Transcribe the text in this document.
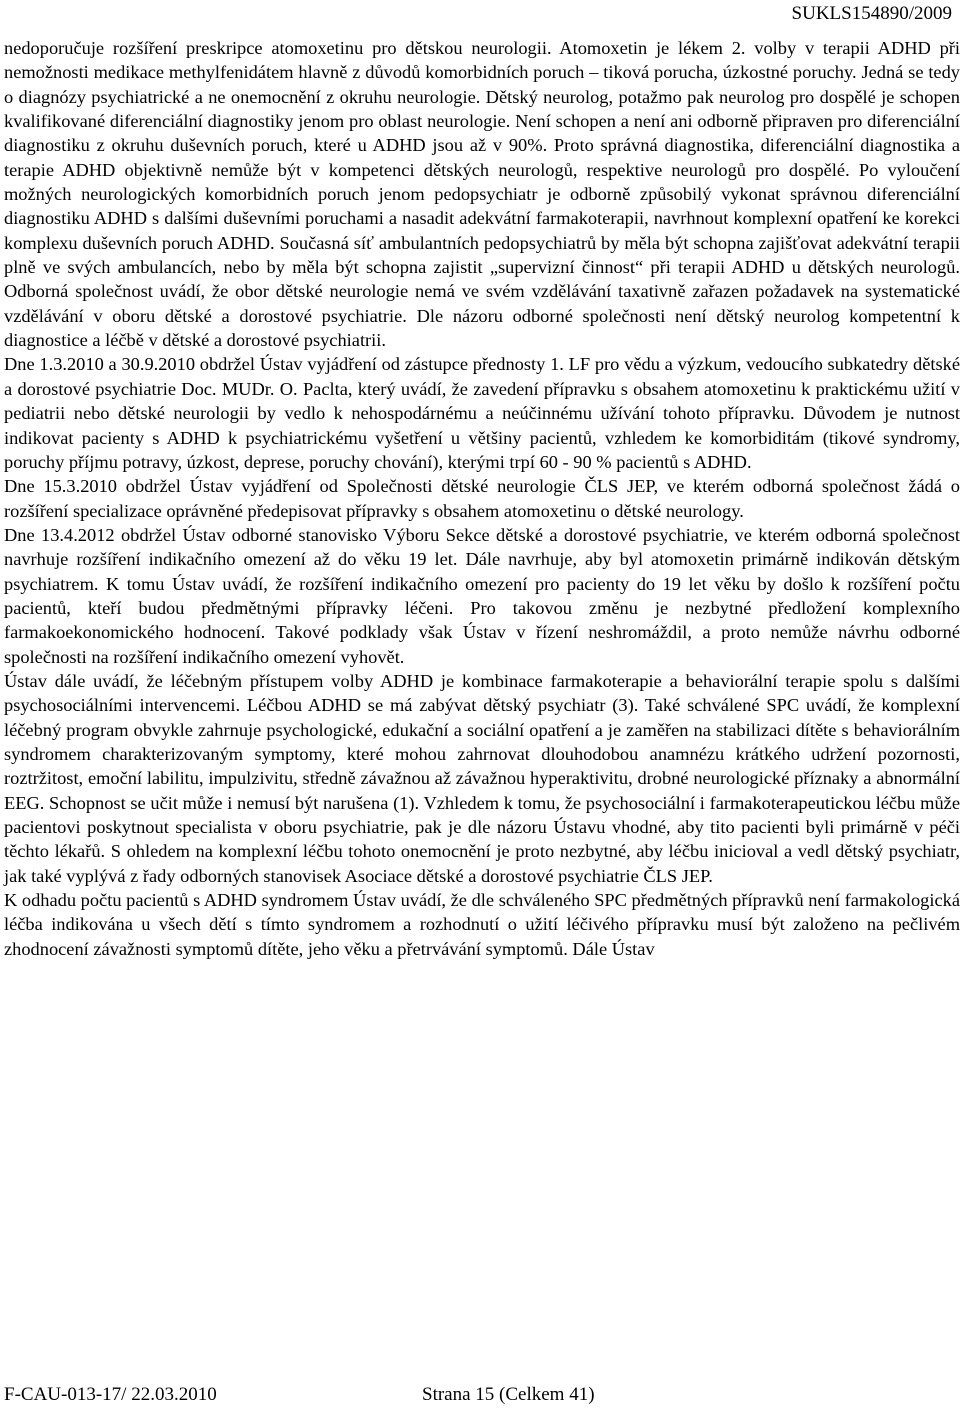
SUKLS154890/2009

nedoporučuje rozšíření preskripce atomoxetinu pro dětskou neurologii. Atomoxetin je lékem 2. volby v terapii ADHD při nemožnosti medikace methylfenidátem hlavně z důvodů komorbidních poruch – tiková porucha, úzkostné poruchy. Jedná se tedy o diagnózy psychiatrické a ne onemocnění z okruhu neurologie. Dětský neurolog, potažmo pak neurolog pro dospělé je schopen kvalifikované diferenciální diagnostiky jenom pro oblast neurologie. Není schopen a není ani odborně připraven pro diferenciální diagnostiku z okruhu duševních poruch, které u ADHD jsou až v 90%. Proto správná diagnostika, diferenciální diagnostika a terapie ADHD objektivně nemůže být v kompetenci dětských neurologů, respektive neurologů pro dospělé. Po vyloučení možných neurologických komorbidních poruch jenom pedopsychiatr je odborně způsobilý vykonat správnou diferenciální diagnostiku ADHD s dalšími duševními poruchami a nasadit adekvátní farmakoterapii, navrhnout komplexní opatření ke korekci komplexu duševních poruch ADHD. Současná síť ambulantních pedopsychiatrů by měla být schopna zajišťovat adekvátní terapii plně ve svých ambulancích, nebo by měla být schopna zajistit „supervizní činnost“ při terapii ADHD u dětských neurologů. Odborná společnost uvádí, že obor dětské neurologie nemá ve svém vzdělávání taxativně zařazen požadavek na systematické vzdělávání v oboru dětské a dorostové psychiatrie. Dle názoru odborné společnosti není dětský neurolog kompetentní k diagnostice a léčbě v dětské a dorostové psychiatrii.

Dne 1.3.2010 a 30.9.2010 obdržel Ústav vyjádření od zástupce přednosty 1. LF pro vědu a výzkum, vedoucího subkatedry dětské a dorostové psychiatrie Doc. MUDr. O. Paclta, který uvádí, že zavedení přípravku s obsahem atomoxetinu k praktickému užití v pediatrii nebo dětské neurologii by vedlo k nehospodárnému a neúčinnému užívání tohoto přípravku. Důvodem je nutnost indikovat pacienty s ADHD k psychiatrickému vyšetření u většiny pacientů, vzhledem ke komorbiditám (tikové syndromy, poruchy příjmu potravy, úzkost, deprese, poruchy chování), kterými trpí 60 - 90 % pacientů s ADHD.

Dne 15.3.2010 obdržel Ústav vyjádření od Společnosti dětské neurologie ČLS JEP, ve kterém odborná společnost žádá o rozšíření specializace oprávněné předepisovat přípravky s obsahem atomoxetinu o dětské neurology.

Dne 13.4.2012 obdržel Ústav odborné stanovisko Výboru Sekce dětské a dorostové psychiatrie, ve kterém odborná společnost navrhuje rozšíření indikačního omezení až do věku 19 let. Dále navrhuje, aby byl atomoxetin primárně indikován dětským psychiatrem. K tomu Ústav uvádí, že rozšíření indikačního omezení pro pacienty do 19 let věku by došlo k rozšíření počtu pacientů, kteří budou předmětnými přípravky léčeni. Pro takovou změnu je nezbytné předložení komplexního farmakoekonomického hodnocení. Takové podklady však Ústav v řízení neshromáždil, a proto nemůže návrhu odborné společnosti na rozšíření indikačního omezení vyhovět.

Ústav dále uvádí, že léčebným přístupem volby ADHD je kombinace farmakoterapie a behaviorální terapie spolu s dalšími psychosociálními intervencemi. Léčbou ADHD se má zabývat dětský psychiatr (3). Také schválené SPC uvádí, že komplexní léčebný program obvykle zahrnuje psychologické, edukační a sociální opatření a je zaměřen na stabilizaci dítěte s behaviorálním syndromem charakterizovaným symptomy, které mohou zahrnovat dlouhodobou anamnézu krátkého udržení pozornosti, roztržitost, emoční labilitu, impulzivitu, středně závažnou až závažnou hyperaktivitu, drobné neurologické příznaky a abnormální EEG. Schopnost se učit může i nemusí být narušena (1). Vzhledem k tomu, že psychosociální i farmakoterapeutickou léčbu může pacientovi poskytnout specialista v oboru psychiatrie, pak je dle názoru Ústavu vhodné, aby tito pacienti byli primárně v péči těchto lékařů. S ohledem na komplexní léčbu tohoto onemocnění je proto nezbytné, aby léčbu inicioval a vedl dětský psychiatr, jak také vyplývá z řady odborných stanovisek Asociace dětské a dorostové psychiatrie ČLS JEP.

K odhadu počtu pacientů s ADHD syndromem Ústav uvádí, že dle schváleného SPC předmětných přípravků není farmakologická léčba indikována u všech dětí s tímto syndromem a rozhodnutí o užití léčivého přípravku musí být založeno na pečlivém zhodnocení závažnosti symptomů dítěte, jeho věku a přetrvávání symptomů. Dále Ústav

F-CAU-013-17/ 22.03.2010	Strana 15 (Celkem 41)
